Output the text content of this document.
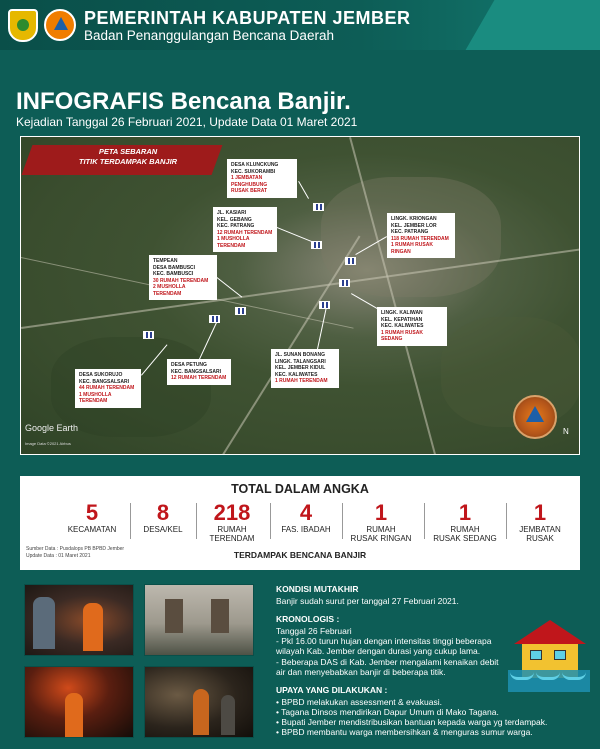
PEMERINTAH KABUPATEN JEMBER
Badan Penanggulangan Bencana Daerah
INFOGRAFIS Bencana Banjir.
Kejadian Tanggal 26 Februari 2021, Update Data 01 Maret 2021
PETA SEBARAN
TITIK TERDAMPAK BANJIR	DESA KLUNCKUNG
KEC. SUKORAMBI
1 JEMBATAN PENGHUBUNG
RUSAK BERAT
JL. KASIARI
KEL. GEBANG
KEC. PATRANG
12 RUMAH TERENDAM
1 MUSHOLLA TERENDAM
LINGK. KRIONGAN
KEL. JEMBER LOR
KEC. PATRANG
118 RUMAH TERENDAM
1 RUMAH RUSAK RINGAN
TEMPEAN
DESA BAMBUSCI
KEC. BAMBUSCI
30 RUMAH TERENDAM
2 MUSHOLLA TERENDAM
LINGK. KALIWAN
KEL. KEPATIHAN
KEC. KALIWATES
1 RUMAH RUSAK SEDANG
DESA SUKORUJO
KEC. BANGSALSARI
44 RUMAH TERENDAM
1 MUSHOLLA TERENDAM
DESA PETUNG
KEC. BANGSALSARI
12 RUMAH TERENDAM
JL. SUNAN BONANG
LINGK. TALANGSARI
KEL. JEMBER KIDUL
KEC. KALIWATES
1 RUMAH TERENDAM
N
Google Earth
Image Data ©2021 Airbus
TOTAL DALAM ANGKA
5
KECAMATAN
8
DESA/KEL
218
RUMAH
TERENDAM
4
FAS. IBADAH
1
RUMAH
RUSAK RINGAN
1
RUMAH
RUSAK SEDANG
1
JEMBATAN
RUSAK
Sumber Data : Pusdalops PB BPBD Jember
Update Data : 01 Maret 2021	TERDAMPAK BENCANA BANJIR
KONDISI MUTAKHIR
Banjir sudah surut per tanggal 27 Februari 2021.
KRONOLOGIS :
Tanggal 26 Februari
- Pkl 16.00 turun hujan dengan intensitas tinggi beberapa
wilayah Kab. Jember dengan durasi yang cukup lama.
- Beberapa DAS di Kab. Jember mengalami kenaikan debit
air dan menyebabkan banjir di beberapa titik.
UPAYA YANG DILAKUKAN :
• BPBD melakukan assessment & evakuasi.
• Tagana Dinsos mendirikan Dapur Umum di Mako Tagana.
• Bupati Jember mendistribusikan bantuan kepada warga yg terdampak.
• BPBD membantu warga membersihkan & menguras sumur warga.
